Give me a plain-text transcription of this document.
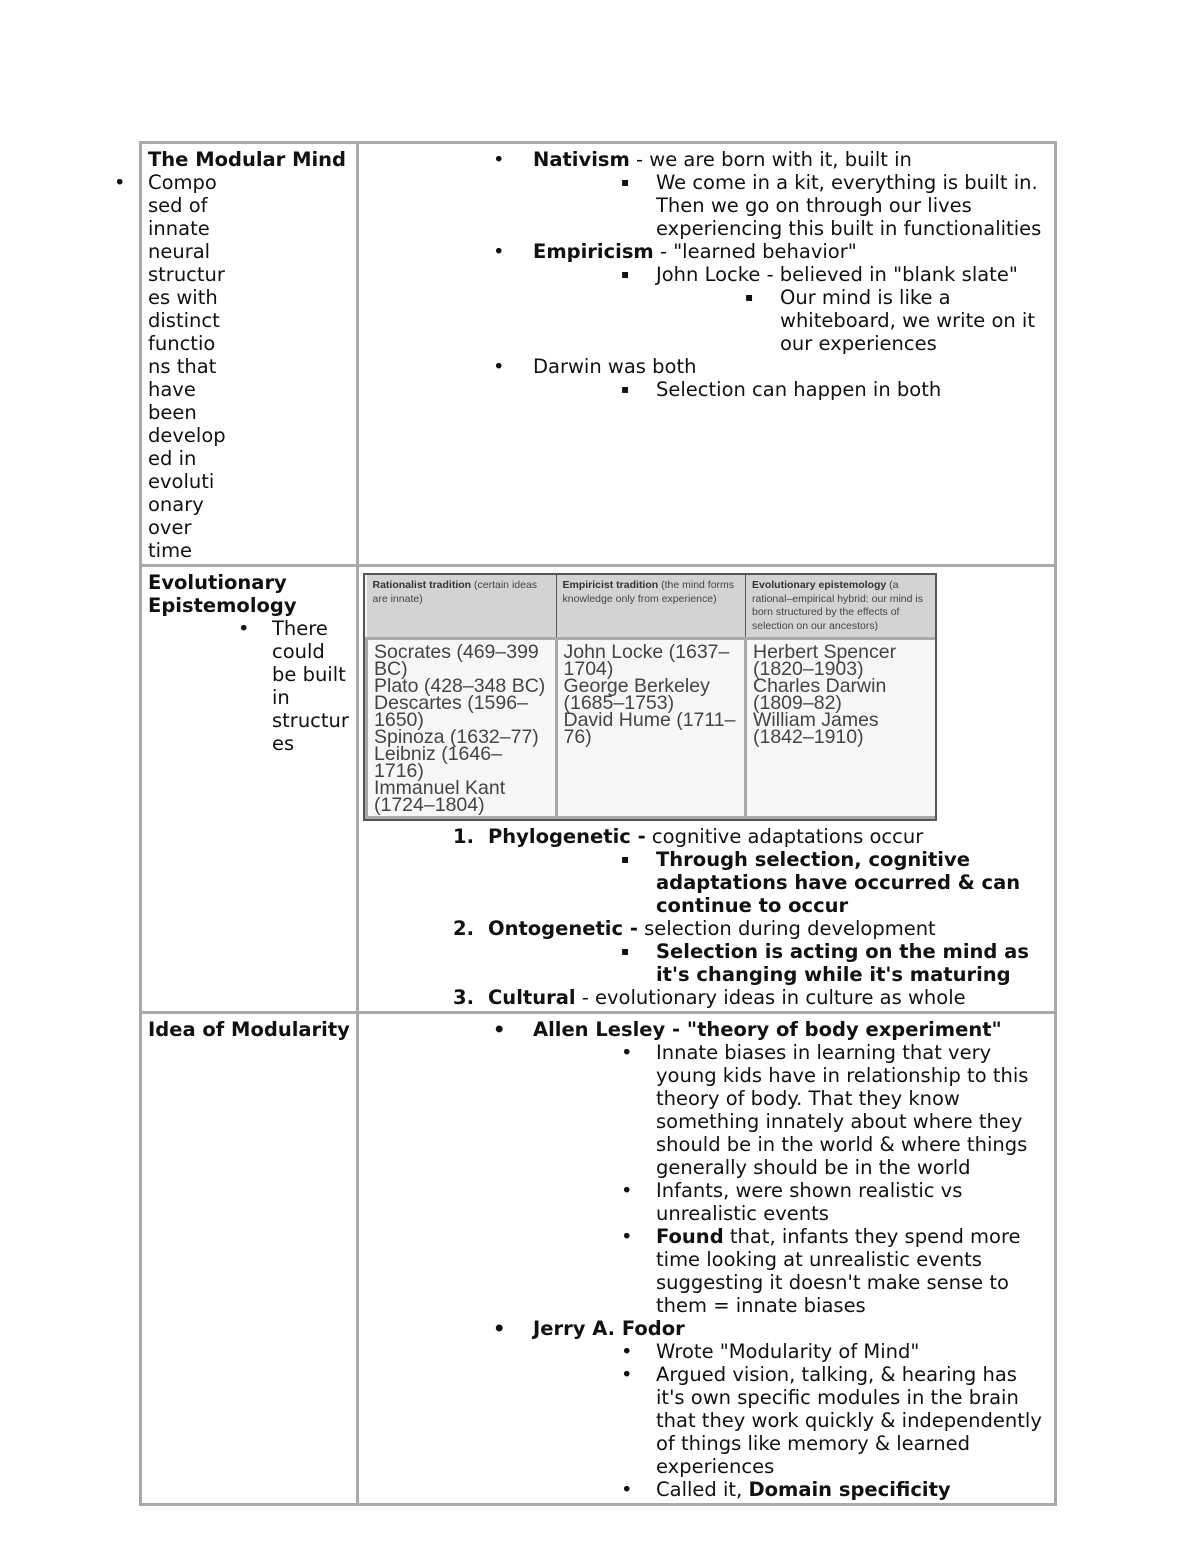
The Modular Mind
•	Compo
sed of
innate
neural
structur
es with
distinct
functio
ns that
have
been
develop
ed in
evoluti
onary
over
time

• Nativism - we are born with it, built in
▪ We come in a kit, everything is built in. Then we go on through our lives experiencing this built in functionalities
• Empiricism - "learned behavior"
▪ John Locke - believed in "blank slate"
▪ Our mind is like a whiteboard, we write on it our experiences
• Darwin was both
▪ Selection can happen in both

Evolutionary Epistemology
• There could be built in structur es

Rationalist tradition (certain ideas are innate)	Empiricist tradition (the mind forms knowledge only from experience)	Evolutionary epistemology (a rational–empirical hybrid: our mind is born structured by the effects of selection on our ancestors)

Socrates (469–399 BC)
Plato (428–348 BC)
Descartes (1596–1650)
Spinoza (1632–77)
Leibniz (1646–1716)
Immanuel Kant (1724–1804)

John Locke (1637–1704)
George Berkeley (1685–1753)
David Hume (1711–76)

Herbert Spencer (1820–1903)
Charles Darwin (1809–82)
William James (1842–1910)
1. Phylogenetic - cognitive adaptations occur
▪ Through selection, cognitive adaptations have occurred & can continue to occur
2. Ontogenetic - selection during development
▪ Selection is acting on the mind as it's changing while it's maturing
3. Cultural - evolutionary ideas in culture as whole

Idea of Modularity	• Allen Lesley - "theory of body experiment"
• Innate biases in learning that very young kids have in relationship to this theory of body. That they know something innately about where they should be in the world & where things generally should be in the world
• Infants, were shown realistic vs unrealistic events
• Found that, infants they spend more time looking at unrealistic events suggesting it doesn't make sense to them = innate biases
• Jerry A. Fodor
• Wrote "Modularity of Mind"
• Argued vision, talking, & hearing has it's own specific modules in the brain that they work quickly & independently of things like memory & learned experiences
• Called it, Domain specificity
